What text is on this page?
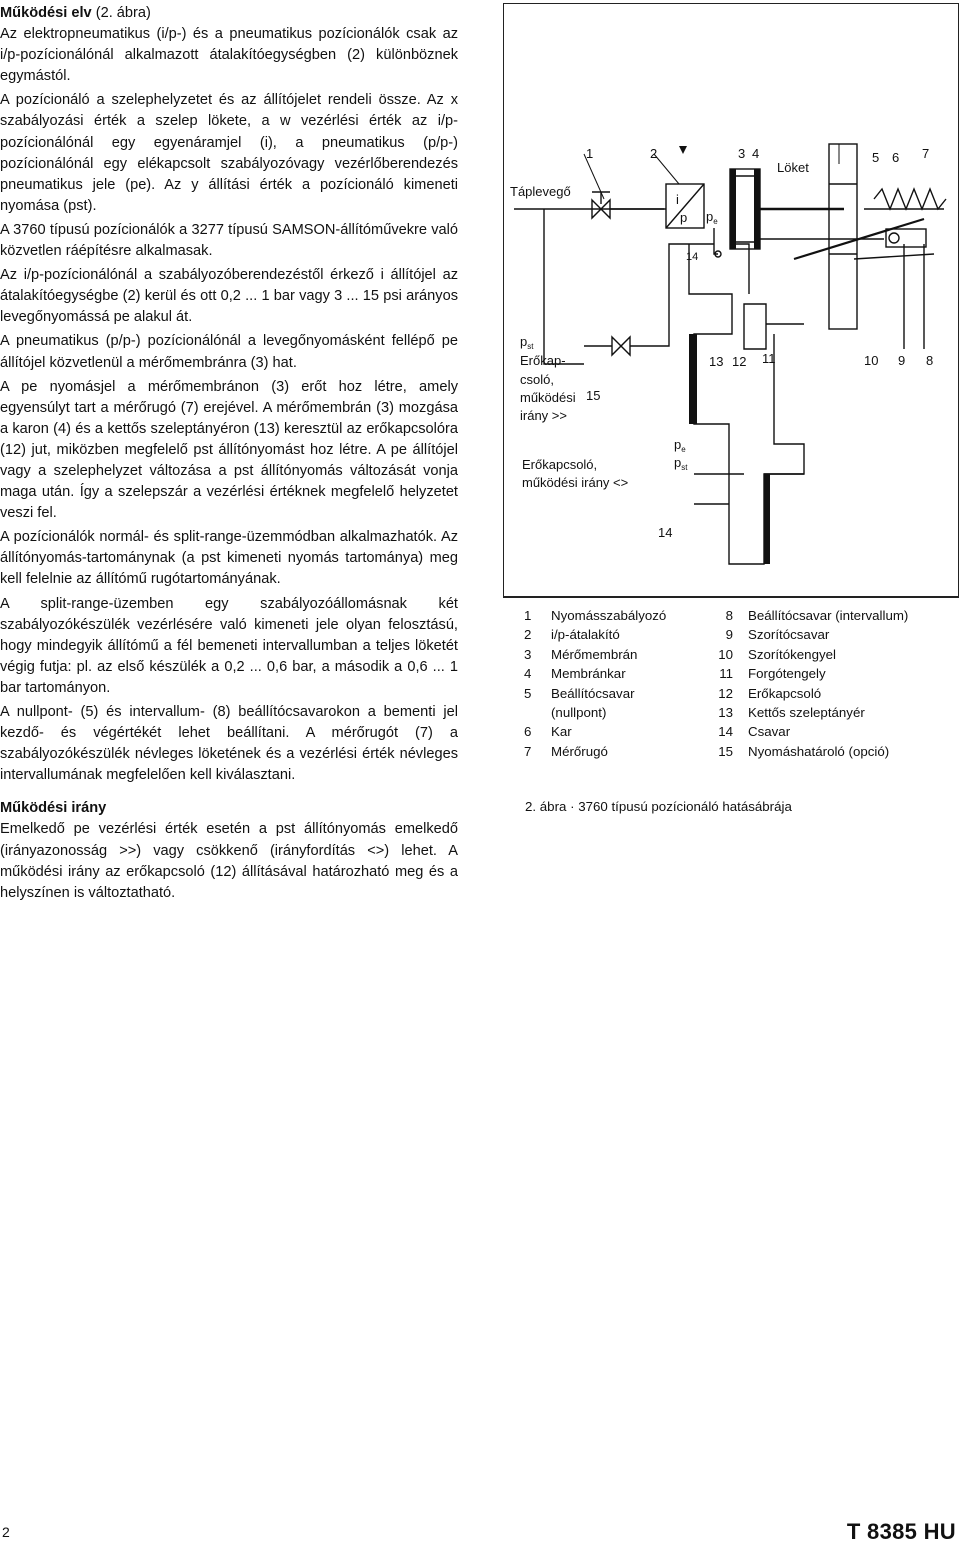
Működési elv (2. ábra)

Az elektropneumatikus (i/p-) és a pneumatikus pozícionálók csak az i/p-pozícionálónál alkalmazott átalakítóegységben (2) különböznek egymástól.

A pozícionáló a szelephelyzetet és az állítójelet rendeli össze. Az x szabályozási érték a szelep lökete, a w vezérlési érték az i/p-pozícionálónál egy egyenáramjel (i), a pneumatikus (p/p-) pozícionálónál egy elékapcsolt szabályozóvagy vezérlőberendezés pneumatikus jele (pe). Az y állítási érték a pozícionáló kimeneti nyomása (pst).

A 3760 típusú pozícionálók a 3277 típusú SAMSON-állítóművekre való közvetlen ráépítésre alkalmasak.

Az i/p-pozícionálónál a szabályozóberendezéstől érkező i állítójel az átalakítóegységbe (2) kerül és ott 0,2 ... 1 bar vagy 3 ... 15 psi arányos levegőnyomássá pe alakul át.

A pneumatikus (p/p-) pozícionálónál a levegőnyomásként fellépő pe állítójel közvetlenül a mérőmembránra (3) hat.

A pe nyomásjel a mérőmembránon (3) erőt hoz létre, amely egyensúlyt tart a mérőrugó (7) erejével. A mérőmembrán (3) mozgása a karon (4) és a kettős szeleptányéron (13) keresztül az erőkapcsolóra (12) jut, miközben megfelelő pst állítónyomást hoz létre. A pe állítójel vagy a szelephelyzet változása a pst állítónyomás változását vonja maga után. Így a szelepszár a vezérlési értéknek megfelelő helyzetet veszi fel.

A pozícionálók normál- és split-range-üzemmódban alkalmazhatók. Az állítónyomás-tartománynak (a pst kimeneti nyomás tartománya) meg kell felelnie az állítómű rugótartományának.

A split-range-üzemben egy szabályozóállomásnak két szabályozókészülék vezérlésére való kimeneti jele olyan felosztású, hogy mindegyik állítómű a fél bemeneti intervallumban a teljes löketét végig futja: pl. az első készülék a 0,2 ... 0,6 bar, a második a 0,6 ... 1 bar tartományon.

A nullpont- (5) és intervallum- (8) beállítócsavarokon a bementi jel kezdő- és végértékét lehet beállítani. A mérőrugót (7) a szabályozókészülék névleges löketének és a vezérlési érték névleges intervallumának megfelelően kell kiválasztani.

Működési irány

Emelkedő pe vezérlési érték esetén a pst állítónyomás emelkedő (irányazonosság >>) vagy csökkenő (irányfordítás <>) lehet. A működési irány az erőkapcsoló (12) állításával határozható meg és a helyszínen is változtatható.

Táplevegő
Löket
i
p $p_e$
$p_{st}$
Erőkap-
csoló,
működési
irány >>
Erőkapcsoló,
működési irány <>
$p_e$
$p_{st}$
1	2	3 4	5 6 7
8
9
10
11
12
13
14
14
15
1	Nyomásszabályozó
2	i/p-átalakító
3	Mérőmembrán
4	Membránkar
5	Beállítócsavar
(nullpont)
6	Kar
7	Mérőrugó
8	Beállítócsavar (intervallum)
9	Szorítócsavar
10	Szorítókengyel
11	Forgótengely
12	Erőkapcsoló
13	Kettős szeleptányér
14	Csavar
15	Nyomáshatároló (opció)
2. ábra · 3760 típusú pozícionáló hatásábrája
2	T 8385 HU
